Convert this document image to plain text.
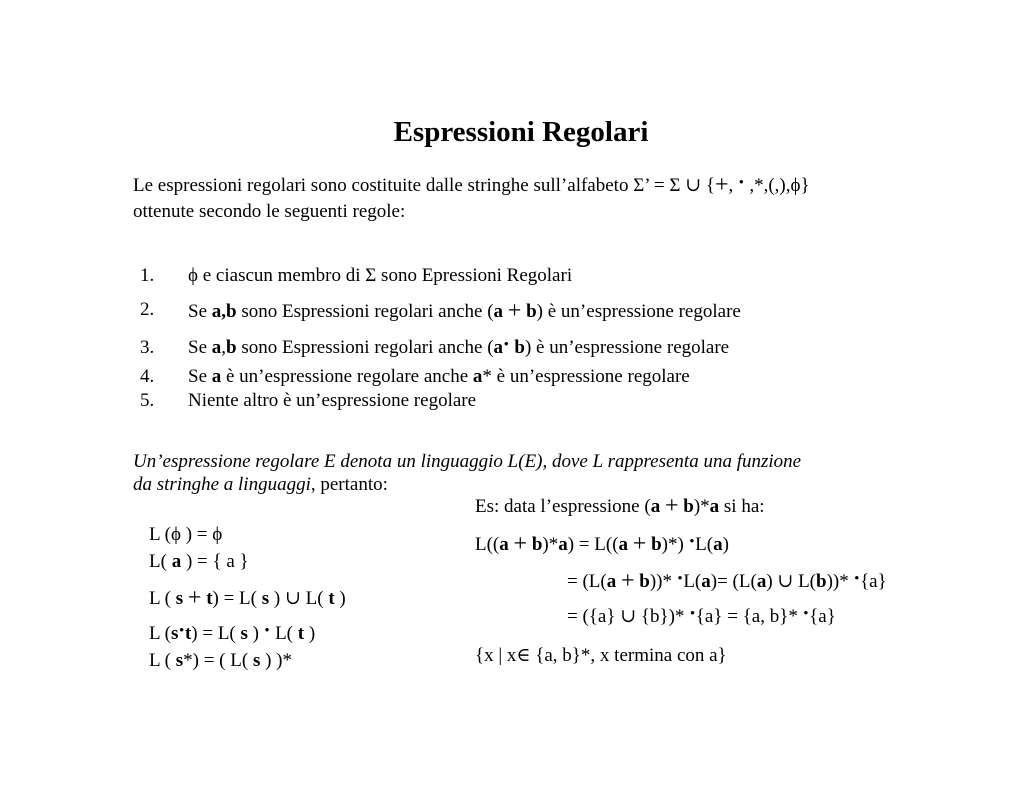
Espressioni Regolari
Le espressioni regolari sono costituite dalle stringhe sull’alfabeto Σ’ = Σ ∪ {+, • ,*,(,),ϕ}
ottenute secondo le seguenti regole:
1. ϕ e ciascun membro di Σ sono Epressioni Regolari
2. Se a,b sono Espressioni regolari anche (a + b) è un’espressione regolare
3. Se a,b sono Espressioni regolari anche (a• b) è un’espressione regolare
4. Se a è un’espressione regolare anche a* è un’espressione regolare
5. Niente altro è un’espressione regolare
Un’espressione regolare E denota un linguaggio L(E), dove L rappresenta una funzione
da stringhe a linguaggi, pertanto:
L (ϕ ) = ϕ
L( a ) = { a }
L ( s + t) = L( s ) ∪ L( t )
L (s•t) = L( s ) • L( t )
L ( s*) = ( L( s ) )*
Es: data l’espressione (a + b)*a si ha:
L((a + b)*a) = L((a + b)*) •L(a)
= (L(a + b))* •L(a)= (L(a) ∪ L(b))* •{a}
= ({a} ∪ {b})* •{a} = {a, b}* •{a}
{x | x∈ {a, b}*, x termina con a}
